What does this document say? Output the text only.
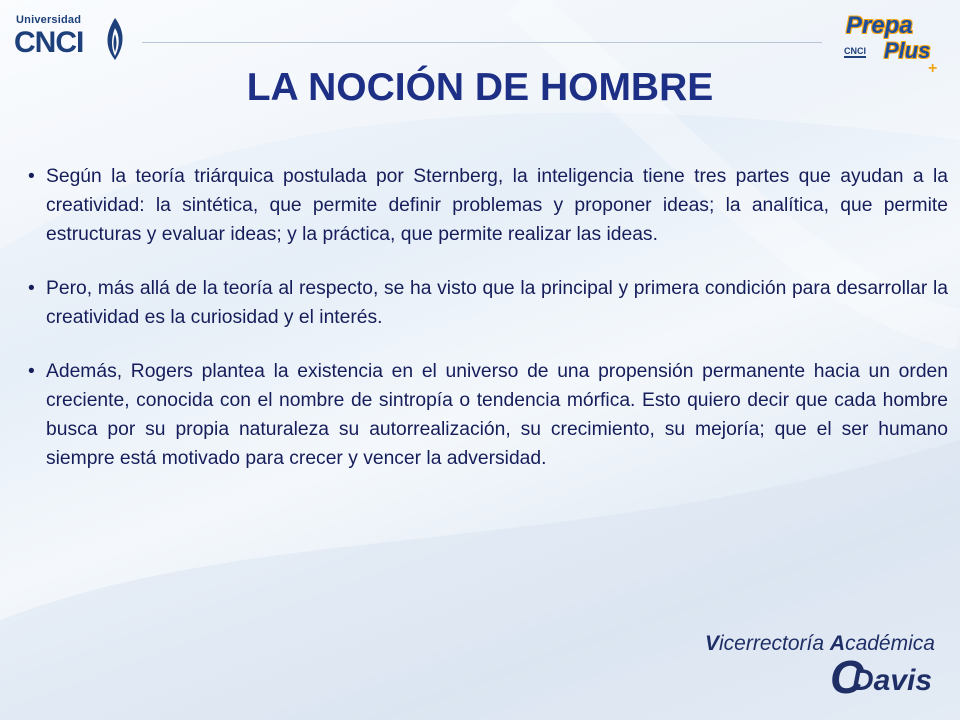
Universidad
CNCI
Prepa
CNCI Plus
+
LA NOCIÓN DE HOMBRE
• Según la teoría triárquica postulada por Sternberg, la inteligencia tiene tres partes que ayudan a la creatividad: la sintética, que permite definir problemas y proponer ideas; la analítica, que permite estructuras y evaluar ideas; y la práctica, que permite realizar las ideas.
• Pero, más allá de la teoría al respecto, se ha visto que la principal y primera condición para desarrollar la creatividad es la curiosidad y el interés.
• Además, Rogers plantea la existencia en el universo de una propensión permanente hacia un orden creciente, conocida con el nombre de sintropía o tendencia mórfica. Esto quiero decir que cada hombre busca por su propia naturaleza su autorrealización, su crecimiento, su mejoría; que el ser humano siempre está motivado para crecer y vencer la adversidad.
Vicerrectoría Académica
C
Davis
